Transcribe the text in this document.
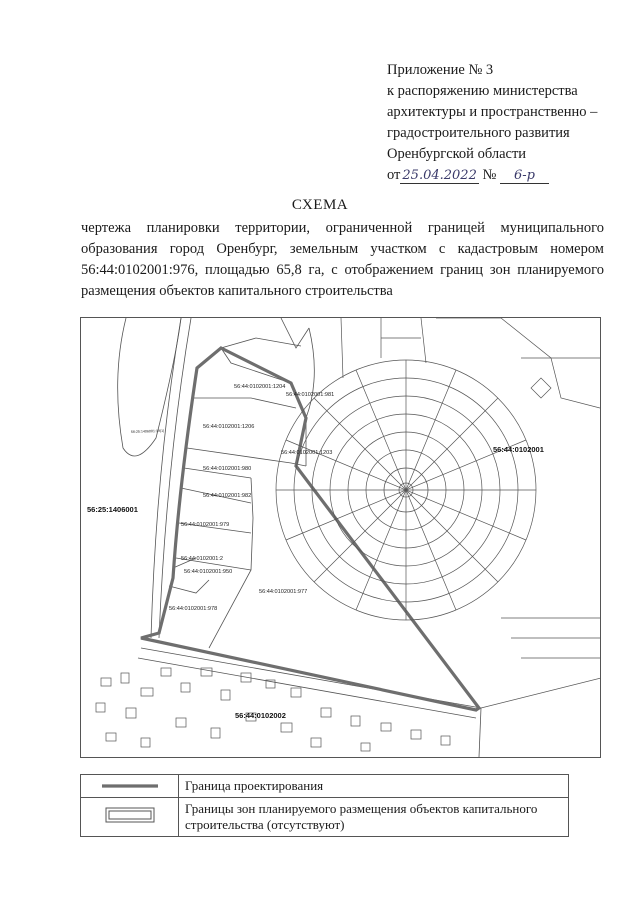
Приложение № 3
к распоряжению министерства
архитектуры и пространственно –
градостроительного развития
Оренбургской области
от 25.04.2022 № 6-р
СХЕМА
чертежа планировки территории, ограниченной границей муниципального
образования город Оренбург, земельным участком с кадастровым номером
56:44:0102001:976, площадью 65,8 га, с отображением границ зон планируемого
размещения объектов капитального строительства
56:44:0102001:1204
56:44:0102001:981
56:44:0102001:1206
56:44:0102001:1203
56:44:0102001:980
56:44:0102001:982
56:44:0102001:979
56:44:0102001:2
56:44:0102001:950
56:44:0102001:977
56:44:0102001:978
56:25:1406001:19(1)
56:44:0102001
56:25:1406001
56:44:0102002
	Граница проектирования

Границы зон планируемого размещения объектов капитального
строительства (отсутствуют)
